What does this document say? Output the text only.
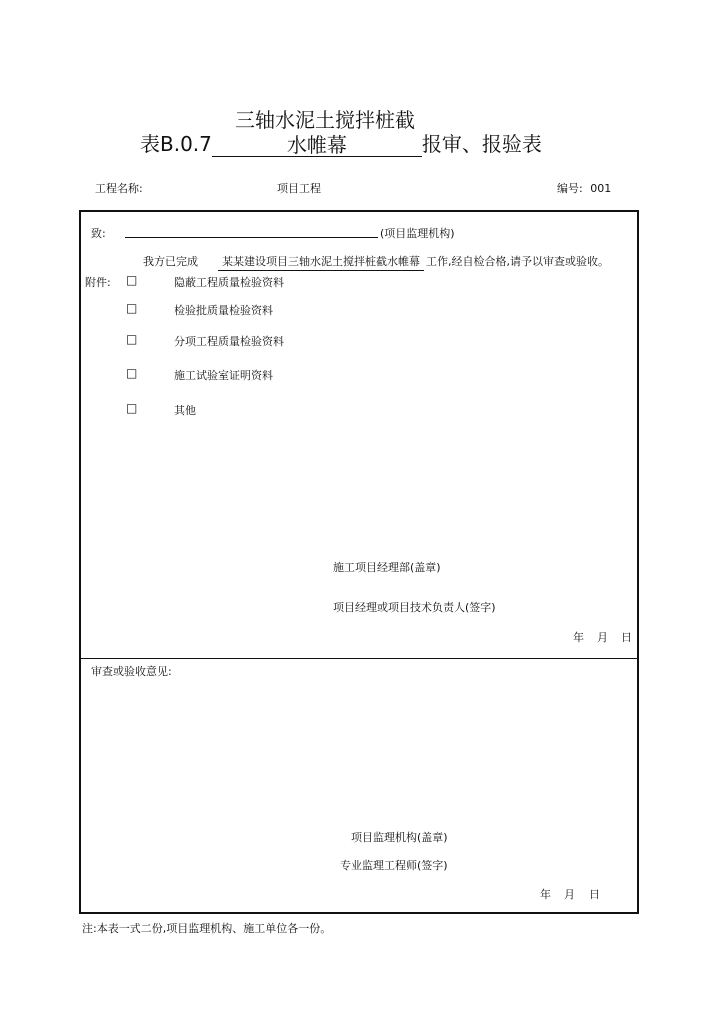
三轴水泥土搅拌桩截
表B.0.7	水帷幕	报审、报验表
工程名称:	项目工程	编号: 001
致:	(项目监理机构)
我方已完成	某某建设项目三轴水泥土搅拌桩截水帷幕 工作,经自检合格,请予以审查或验收。
附件: □	隐蔽工程质量检验资料
□	检验批质量检验资料
□	分项工程质量检验资料
□	施工试验室证明资料
□	其他
施工项目经理部(盖章)
项目经理或项目技术负责人(签字)
年 月 日
审查或验收意见:
项目监理机构(盖章)
专业监理工程师(签字)
年 月 日
注:本表一式二份,项目监理机构、施工单位各一份。
